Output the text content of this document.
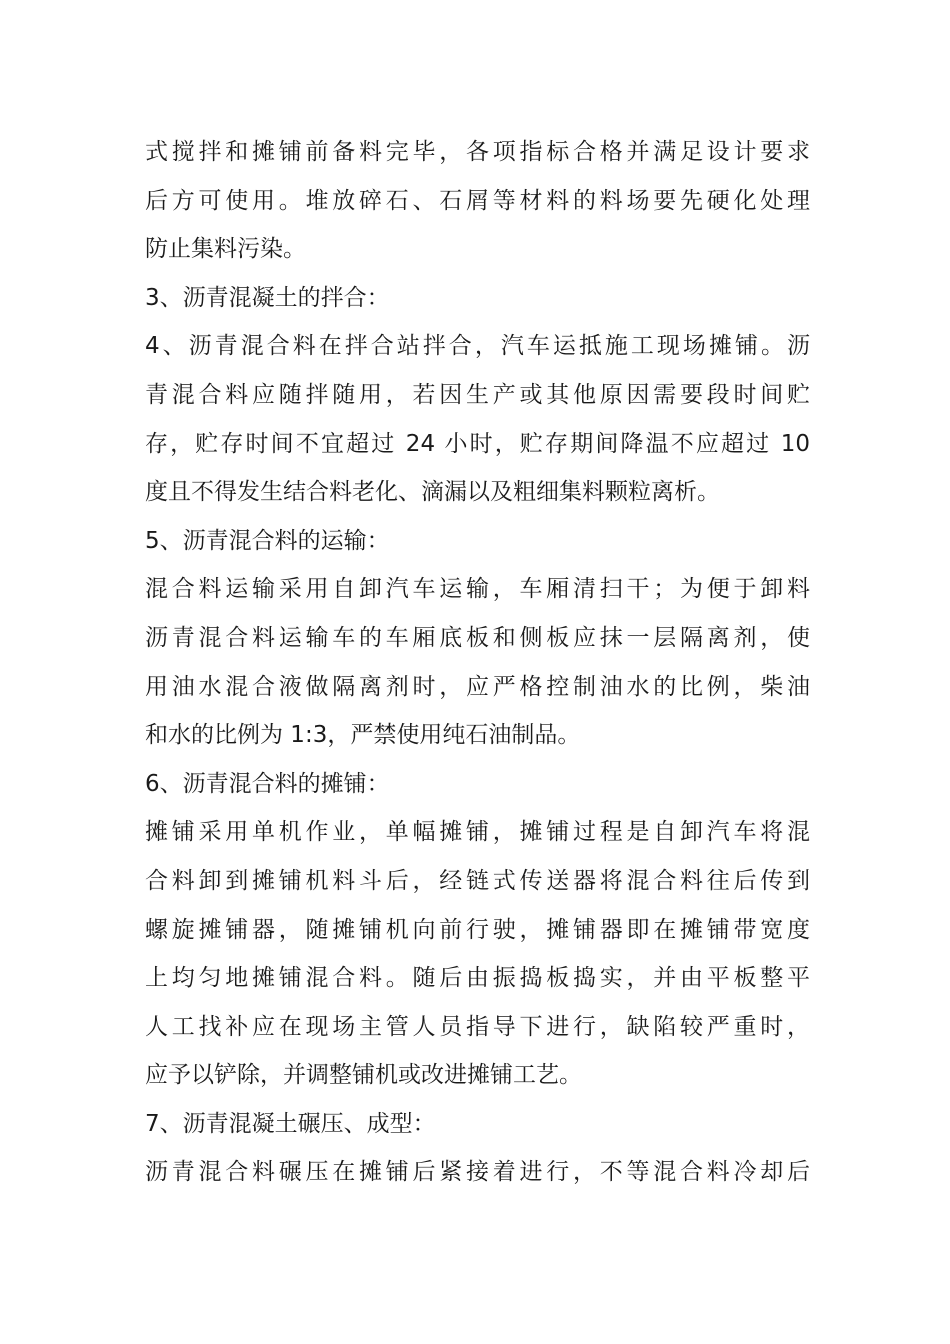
式搅拌和摊铺前备料完毕，各项指标合格并满足设计要求
后方可使用。堆放碎石、石屑等材料的料场要先硬化处理
防止集料污染。
3、沥青混凝土的拌合：
4、沥青混合料在拌合站拌合，汽车运抵施工现场摊铺。沥
青混合料应随拌随用，若因生产或其他原因需要段时间贮
存，贮存时间不宜超过 24 小时，贮存期间降温不应超过 10
度且不得发生结合料老化、滴漏以及粗细集料颗粒离析。
5、沥青混合料的运输：
混合料运输采用自卸汽车运输，车厢清扫干；为便于卸料
沥青混合料运输车的车厢底板和侧板应抹一层隔离剂，使
用油水混合液做隔离剂时，应严格控制油水的比例，柴油
和水的比例为 1:3，严禁使用纯石油制品。
6、沥青混合料的摊铺：
摊铺采用单机作业，单幅摊铺，摊铺过程是自卸汽车将混
合料卸到摊铺机料斗后，经链式传送器将混合料往后传到
螺旋摊铺器，随摊铺机向前行驶，摊铺器即在摊铺带宽度
上均匀地摊铺混合料。随后由振捣板捣实，并由平板整平
人工找补应在现场主管人员指导下进行，缺陷较严重时，
应予以铲除，并调整铺机或改进摊铺工艺。
7、沥青混凝土碾压、成型：
沥青混合料碾压在摊铺后紧接着进行，不等混合料冷却后
